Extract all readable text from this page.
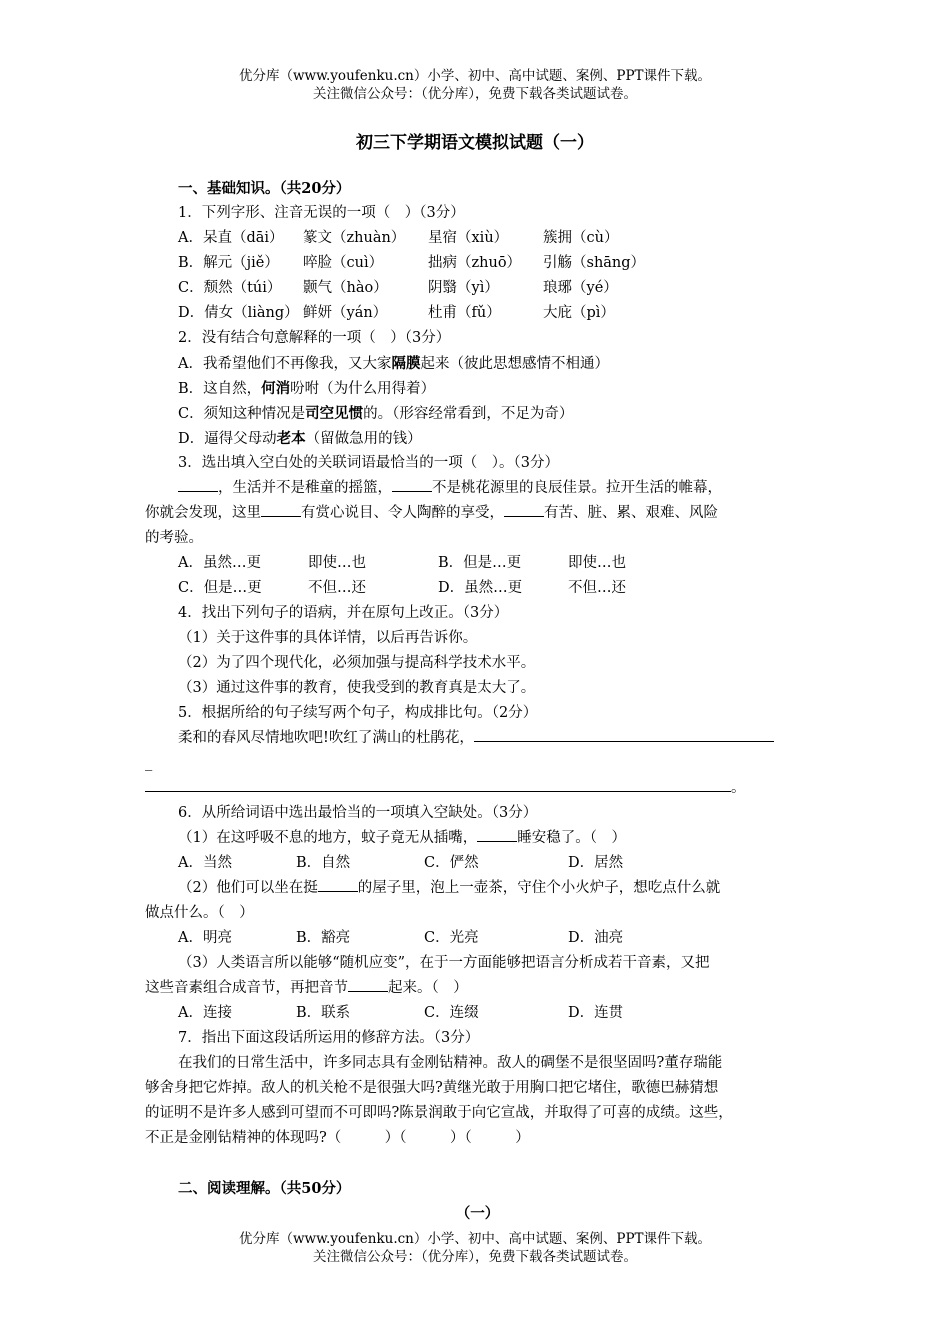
优分库（www.youfenku.cn）小学、初中、高中试题、案例、PPT课件下载。
关注微信公众号：（优分库），免费下载各类试题试卷。
初三下学期语文模拟试题（一）
一、基础知识。（共20分）
1．下列字形、注音无误的一项（　）（3分）
A．呆直（dāi） 篆文（zhuàn） 星宿（xiù） 簇拥（cù）
B．解元（jiě） 啐脸（cuì）	拙病（zhuō） 引觞（shāng）
C．颓然（túi） 颢气（hào）	阴翳（yì）	琅琊（yé）
D．倩女（liàng） 鲜妍（yán）	杜甫（fǔ）	大庇（pì）
2．没有结合句意解释的一项（　）（3分）
A．我希望他们不再像我，又大家隔膜起来（彼此思想感情不相通）
B．这自然，何消吩咐（为什么用得着）
C．须知这种情况是司空见惯的。（形容经常看到，不足为奇）
D．逼得父母动老本（留做急用的钱）
3．选出填入空白处的关联词语最恰当的一项（　）。（3分）
，生活并不是稚童的摇篮，	不是桃花源里的良辰佳景。拉开生活的帷幕，
你就会发现，这里	有赏心说目、令人陶醉的享受，	有苦、脏、累、艰难、风险
的考验。
A．虽然…更	即使…也	B．但是…更	即使…也
C．但是…更	不但…还	D．虽然…更	不但…还
4．找出下列句子的语病，并在原句上改正。（3分）
（1）关于这件事的具体详情，以后再告诉你。
（2）为了四个现代化，必须加强与提高科学技术水平。
（3）通过这件事的教育，使我受到的教育真是太大了。
5．根据所给的句子续写两个句子，构成排比句。（2分）
柔和的春风尽情地吹吧!吹红了满山的杜鹃花，
_
。
6．从所给词语中选出最恰当的一项填入空缺处。（3分）
（1）在这呼吸不息的地方，蚊子竟无从插嘴，	睡安稳了。（　）
A．当然	B．自然	C．俨然	D．居然
（2）他们可以坐在挺	的屋子里，泡上一壶茶，守住个小火炉子，想吃点什么就
做点什么。（　）
A．明亮	B．豁亮	C．光亮	D．油亮
（3）人类语言所以能够“随机应变”，在于一方面能够把语言分析成若干音素，又把
这些音素组合成音节，再把音节	起来。（　）
A．连接	B．联系	C．连缀	D．连贯
7．指出下面这段话所运用的修辞方法。（3分）
在我们的日常生活中，许多同志具有金刚钻精神。敌人的碉堡不是很坚固吗?董存瑞能
够舍身把它炸掉。敌人的机关枪不是很强大吗?黄继光敢于用胸口把它堵住，歌德巴赫猜想
的证明不是许多人感到可望而不可即吗?陈景润敢于向它宣战，并取得了可喜的成绩。这些，
不正是金刚钻精神的体现吗?（　　　）（　　　）（　　　）
二、阅读理解。（共50分）
（一）
优分库（www.youfenku.cn）小学、初中、高中试题、案例、PPT课件下载。
关注微信公众号：（优分库），免费下载各类试题试卷。
